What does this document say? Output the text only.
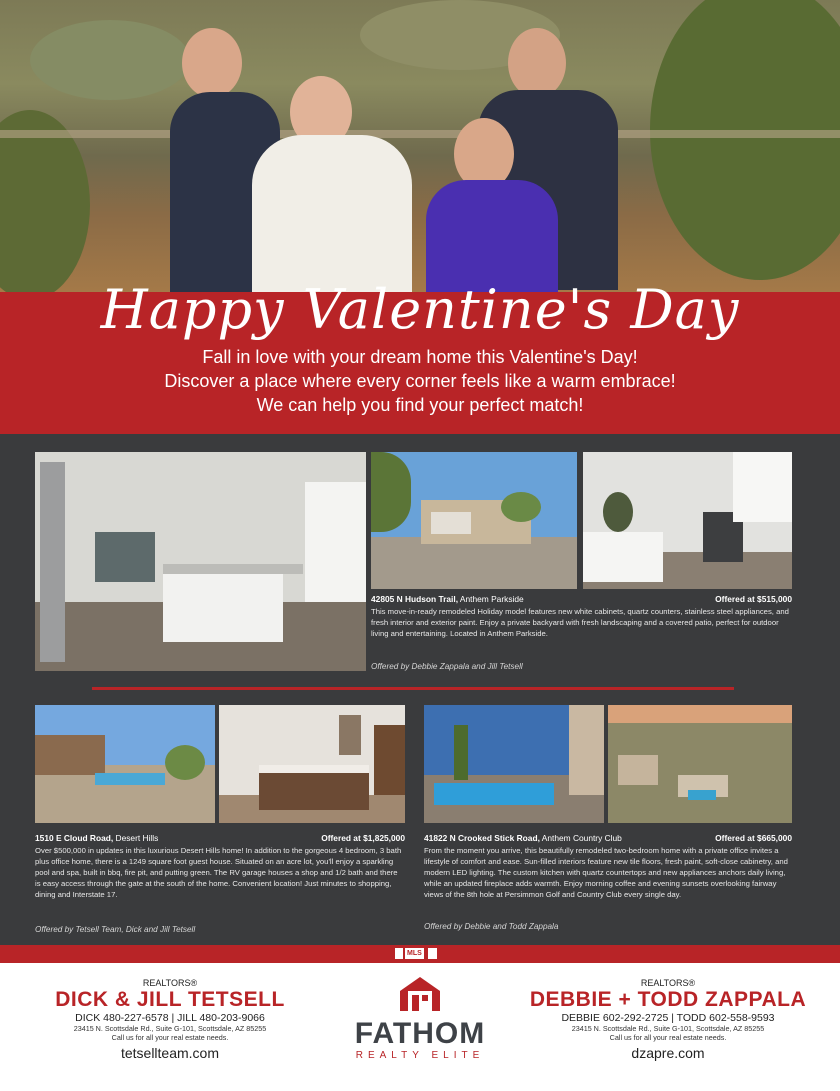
Happy Valentine's Day
Fall in love with your dream home this Valentine's Day!
Discover a place where every corner feels like a warm embrace!
We can help you find your perfect match!
42805 N Hudson Trail, Anthem Parkside	Offered at $515,000
This move-in-ready remodeled Holiday model features new white cabinets, quartz counters, stainless steel appliances, and fresh interior and exterior paint. Enjoy a private backyard with fresh landscaping and a covered patio, perfect for outdoor living and entertaining. Located in Anthem Parkside.
Offered by Debbie Zappala and Jill Tetsell
1510 E Cloud Road, Desert Hills	Offered at $1,825,000
Over $500,000 in updates in this luxurious Desert Hills home! In addition to the gorgeous 4 bedroom, 3 bath plus office home, there is a 1249 square foot guest house. Situated on an acre lot, you'll enjoy a sparkling pool and spa, built in bbq, fire pit, and putting green. The RV garage houses a shop and 1/2 bath and there is easy access through the gate at the south of the home. Convenient location! Just minutes to shopping, dining and Interstate 17.
Offered by Tetsell Team, Dick and Jill Tetsell
41822 N Crooked Stick Road, Anthem Country Club	Offered at $665,000
From the moment you arrive, this beautifully remodeled two-bedroom home with a private office invites a lifestyle of comfort and ease. Sun-filled interiors feature new tile floors, fresh paint, soft-close cabinetry, and modern LED lighting. The custom kitchen with quartz countertops and new appliances anchors daily living, while an updated fireplace adds warmth. Enjoy morning coffee and evening sunsets overlooking fairway views of the 8th hole at Persimmon Golf and Country Club every single day.
Offered by Debbie and Todd Zappala
MLS
REALTORS®
DICK & JILL TETSELL
DICK 480-227-6578 | JILL 480-203-9066
23415 N. Scottsdale Rd., Suite G-101, Scottsdale, AZ 85255
Call us for all your real estate needs.
tetsellteam.com
FATHOM
REALTY ELITE
REALTORS®
DEBBIE + TODD ZAPPALA
DEBBIE 602-292-2725 | TODD 602-558-9593
23415 N. Scottsdale Rd., Suite G-101, Scottsdale, AZ 85255
Call us for all your real estate needs.
dzapre.com
